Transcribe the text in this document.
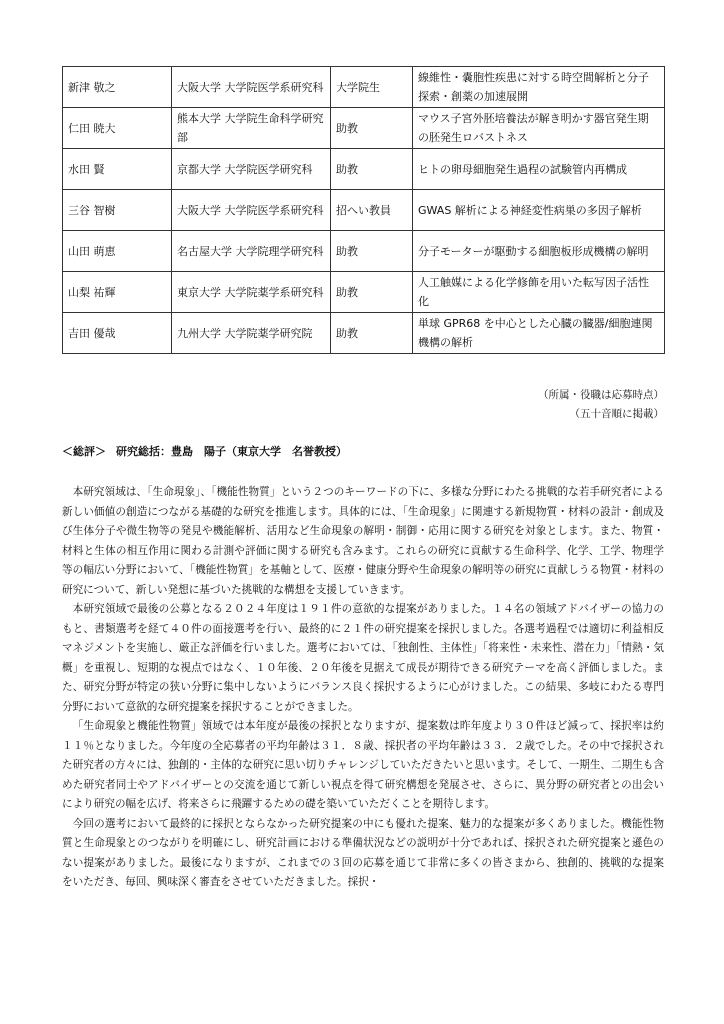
新津 敬之	大阪大学 大学院医学系研究科	大学院生	線維性・嚢胞性疾患に対する時空間解析と分子探索・創薬の加速展開
仁田 暁大	熊本大学 大学院生命科学研究部	助教	マウス子宮外胚培養法が解き明かす器官発生期の胚発生ロバストネス
水田 賢	京都大学 大学院医学研究科	助教	ヒトの卵母細胞発生過程の試験管内再構成
三谷 智樹	大阪大学 大学院医学系研究科	招へい教員	GWAS 解析による神経変性病巣の多因子解析
山田 萌恵	名古屋大学 大学院理学研究科	助教	分子モーターが駆動する細胞板形成機構の解明
山梨 祐輝	東京大学 大学院薬学系研究科	助教	人工触媒による化学修飾を用いた転写因子活性化
吉田 優哉	九州大学 大学院薬学研究院	助教	単球 GPR68 を中心とした心臓の臓器/細胞連関機構の解析
（所属・役職は応募時点）
（五十音順に掲載）
＜総評＞ 研究総括：豊島　陽子（東京大学　名誉教授）

本研究領域は、「生命現象」、「機能性物質」という２つのキーワードの下に、多様な分野にわたる挑戦的な若手研究者による新しい価値の創造につながる基礎的な研究を推進します。具体的には、「生命現象」に関連する新規物質・材料の設計・創成及び生体分子や微生物等の発見や機能解析、活用など生命現象の解明・制御・応用に関する研究を対象とします。また、物質・材料と生体の相互作用に関わる計測や評価に関する研究も含みます。これらの研究に貢献する生命科学、化学、工学、物理学等の幅広い分野において、「機能性物質」を基軸として、医療・健康分野や生命現象の解明等の研究に貢献しうる物質・材料の研究について、新しい発想に基づいた挑戦的な構想を支援していきます。

本研究領域で最後の公募となる２０２４年度は１９１件の意欲的な提案がありました。１４名の領域アドバイザーの協力のもと、書類選考を経て４０件の面接選考を行い、最終的に２１件の研究提案を採択しました。各選考過程では適切に利益相反マネジメントを実施し、厳正な評価を行いました。選考においては、「独創性、主体性」「将来性・未来性、潜在力」「情熱・気概」を重視し、短期的な視点ではなく、１０年後、２０年後を見据えて成長が期待できる研究テーマを高く評価しました。また、研究分野が特定の狭い分野に集中しないようにバランス良く採択するように心がけました。この結果、多岐にわたる専門分野において意欲的な研究提案を採択することができました。

「生命現象と機能性物質」領域では本年度が最後の採択となりますが、提案数は昨年度より３０件ほど減って、採択率は約１１％となりました。今年度の全応募者の平均年齢は３１．８歳、採択者の平均年齢は３３．２歳でした。その中で採択された研究者の方々には、独創的・主体的な研究に思い切りチャレンジしていただきたいと思います。そして、一期生、二期生も含めた研究者同士やアドバイザーとの交流を通じて新しい視点を得て研究構想を発展させ、さらに、異分野の研究者との出会いにより研究の幅を広げ、将来さらに飛躍するための礎を築いていただくことを期待します。

今回の選考において最終的に採択とならなかった研究提案の中にも優れた提案、魅力的な提案が多くありました。機能性物質と生命現象とのつながりを明確にし、研究計画における準備状況などの説明が十分であれば、採択された研究提案と遜色のない提案がありました。最後になりますが、これまでの３回の応募を通じて非常に多くの皆さまから、独創的、挑戦的な提案をいただき、毎回、興味深く審査をさせていただきました。採択・
